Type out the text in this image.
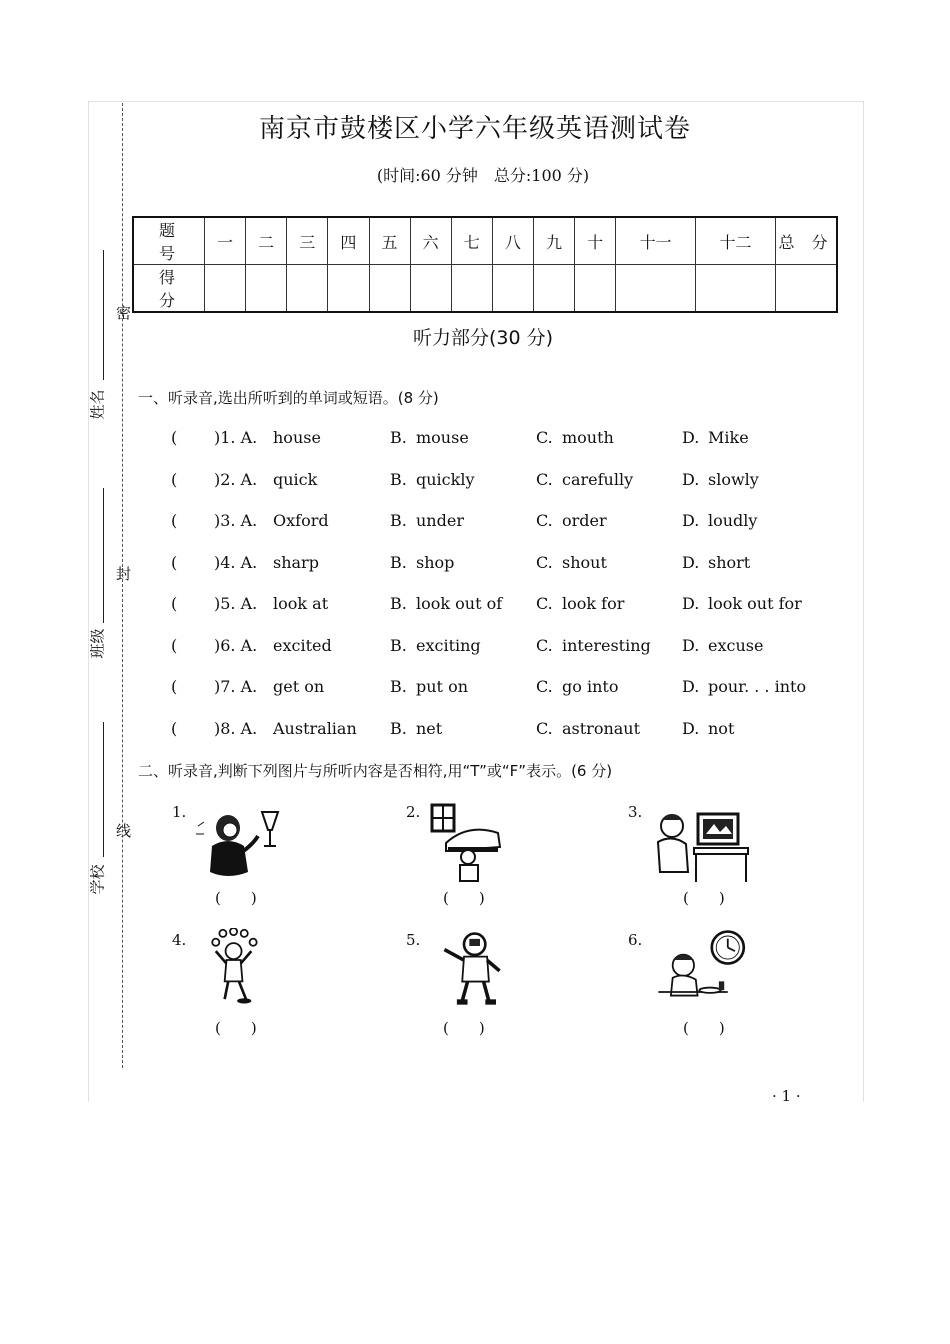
密
封
线
姓名
班级
学校
南京市鼓楼区小学六年级英语测试卷
(时间:60 分钟　总分:100 分)
题 号	一	二	三	四	五	六	七	八	九	十	十一	十二	总 分
得 分													
听力部分(30 分)
一、听录音,选出所听到的单词或短语。(8 分)
( )1. A. house	B. mouse	C. mouth	D. Mike
( )2. A. quick	B. quickly	C. carefully	D. slowly
( )3. A. Oxford	B. under	C. order	D. loudly
( )4. A. sharp	B. shop	C. shout	D. short
( )5. A. look at	B. look out of C. look for	D. look out for
( )6. A. excited	B. exciting	C. interesting D. excuse
( )7. A. get on	B. put on	C. go into	D. pour. . . into
( )8. A. Australian B. net	C. astronaut	D. not
二、听录音,判断下列图片与所听内容是否相符,用“T”或“F”表示。(6 分)
1.
(　　)
2.
(　　)
3.
(　　)
4.
(　　)
5.
(　　)
6.
(　　)
· 1 ·
